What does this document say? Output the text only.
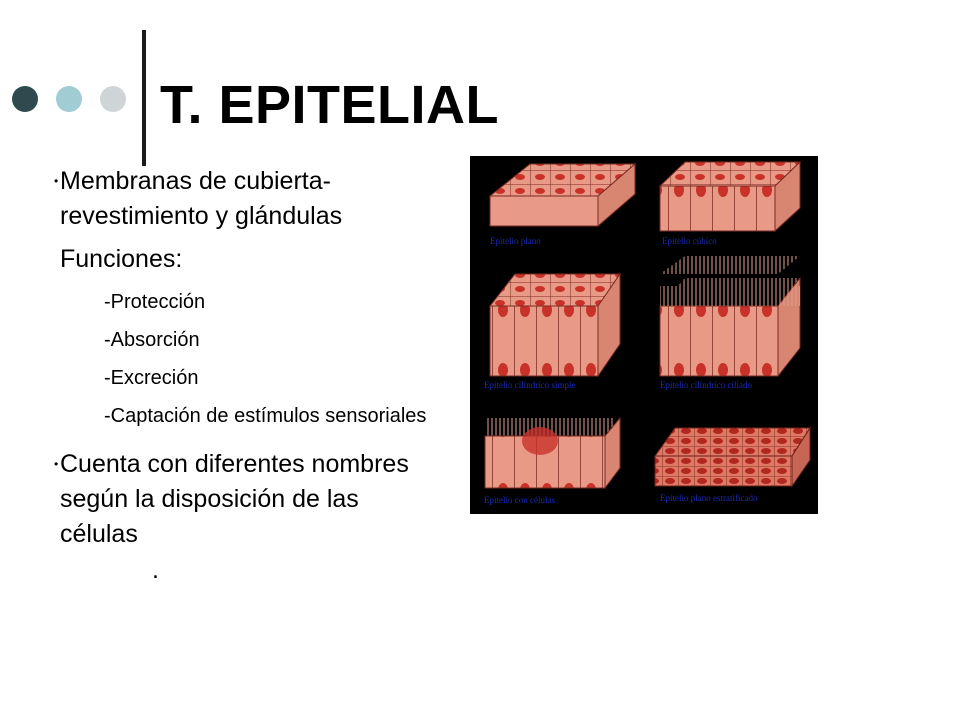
T. EPITELIAL
• Membranas de cubierta-revestimiento y glándulas
Funciones:
-Protección
-Absorción
-Excreción
-Captación de estímulos sensoriales
• Cuenta con diferentes nombres según la disposición de las células
.
Epitelio plano	Epitelio cúbico
Epitelio cilíndrico simple	Epitelio cilíndrico ciliado
Epitelio con células	Epitelio plano estratificado
